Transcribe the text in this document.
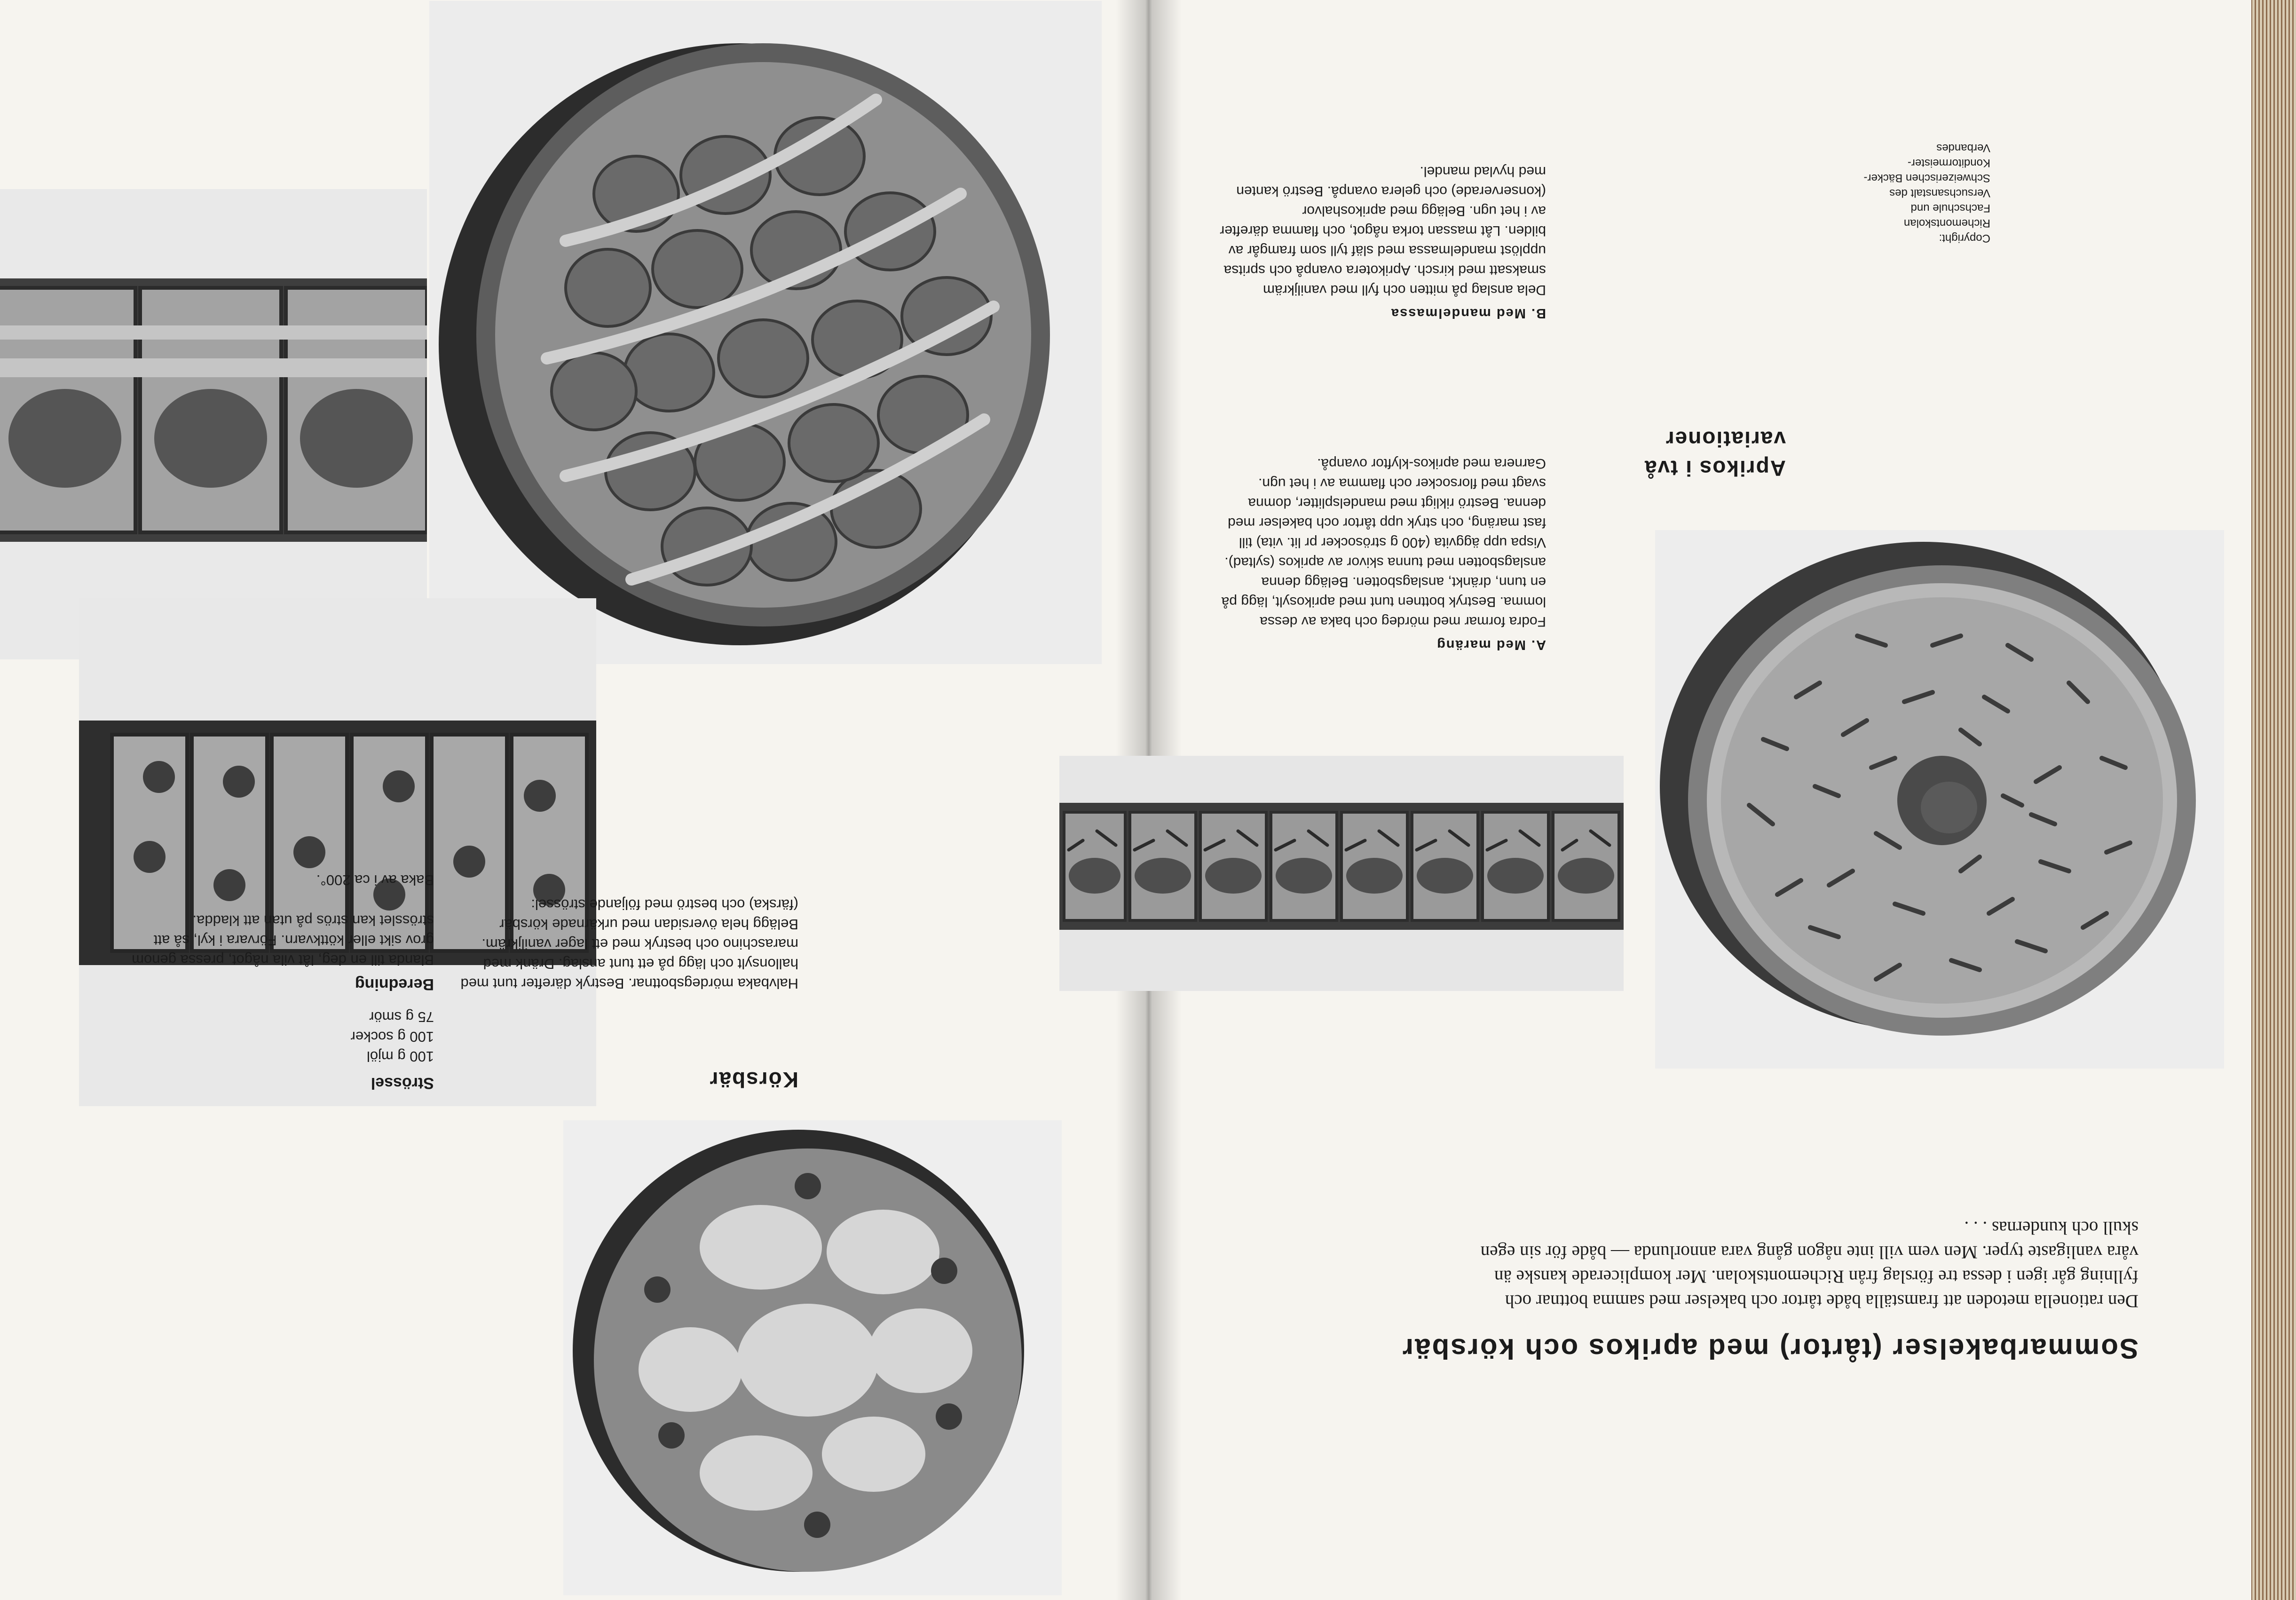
Sommarbakelser (tårtor) med aprikos och körsbär
Den rationella metoden att framställa både tårtor och bakelser med samma bottnar och fyllning går igen i dessa tre förslag från Richemontskolan. Mer komplicerade kanske än våra vanligaste typer. Men vem vill inte någon gång vara annorlunda — både för sin egen skull och kundernas . . .
Aprikos i två
variationer
A. Med maräng
Fodra formar med mördeg och baka av dessa lomma. Bestryk bottnen tunt med aprikosylt, lägg på en tunn, dränkt, anslagsbotten. Belägg denna anslagsbotten med tunna skivor av aprikos (syltad). Vispa upp äggvita (400 g strösocker pr lit. vita) till fast maräng, och stryk upp tårtor och bakelser med denna. Beströ rikligt med mandelsplitter, domna svagt med florsocker och flamma av i het ugn. Garnera med aprikos-klyftor ovanpå.
B. Med mandelmassa
Dela anslag på mitten och fyll med vaniljkräm smaksatt med kirsch. Aprikotera ovanpå och spritsa upplöst mandelmassa med släf tyll som framgår av bilden. Låt massan torka något, och flamma därefter av i het ugn. Belägg med aprikoshalvor (konserverade) och gelera ovanpå. Beströ kanten med hyvlad mandel.
Copyright: Richemontskolan Fachschule und Versuchsanstalt des Schweizerischen Bäcker-Konditormeister-Verbandes
Körsbär
Halvbaka mördegsbottnar. Bestryk därefter tunt med hallonsylt och lägg på ett tunt anslag. Dränk med maraschino och bestryk med ett lager vaniljkräm. Belägg hela översidan med urkärnade körsbär (färska) och beströ med följande strössel:
Strössel
100 g mjöl
100 g socker
75 g smör
Beredning
Blanda till en deg, låt vila något, pressa genom grov sikt eller köttkvarn. Förvara i kyl, så att strösslet kan strös på utan att kladda.
Baka av i ca 200°.
